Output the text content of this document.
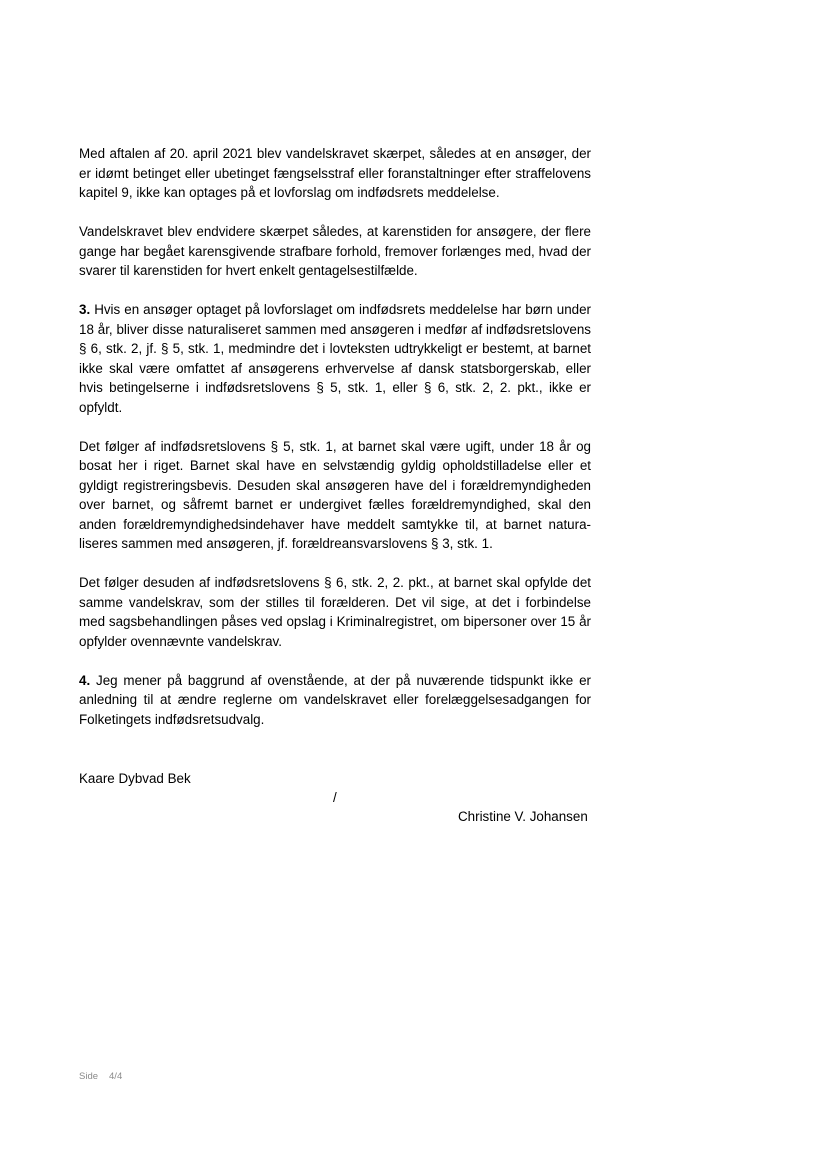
Med aftalen af 20. april 2021 blev vandelskravet skærpet, således at en ansøger, der er idømt betinget eller ubetinget fængselsstraf eller foranstaltninger efter straffelovens kapitel 9, ikke kan optages på et lovforslag om indfødsrets meddelelse.

Vandelskravet blev endvidere skærpet således, at karenstiden for ansøgere, der flere gange har begået karensgivende strafbare forhold, fremover forlænges med, hvad der svarer til karenstiden for hvert enkelt gentagelsestilfælde.

3. Hvis en ansøger optaget på lovforslaget om indfødsrets meddelelse har børn under 18 år, bliver disse naturaliseret sammen med ansøgeren i medfør af indfødsretslovens § 6, stk. 2, jf. § 5, stk. 1, medmindre det i lovteksten udtrykkeligt er bestemt, at barnet ikke skal være omfattet af ansøgerens erhvervelse af dansk statsborgerskab, eller hvis betingelserne i indfødsretslovens § 5, stk. 1, eller § 6, stk. 2, 2. pkt., ikke er opfyldt.

Det følger af indfødsretslovens § 5, stk. 1, at barnet skal være ugift, under 18 år og bosat her i riget. Barnet skal have en selvstændig gyldig opholdstilladelse eller et gyldigt registreringsbevis. Desuden skal ansøgeren have del i forældremyndigheden over barnet, og såfremt barnet er undergivet fælles forældremyndighed, skal den anden forældremyndighedsindehaver have meddelt samtykke til, at barnet naturaliseres sammen med ansøgeren, jf. forældreansvarslovens § 3, stk. 1.

Det følger desuden af indfødsretslovens § 6, stk. 2, 2. pkt., at barnet skal opfylde det samme vandelskrav, som der stilles til forælderen. Det vil sige, at det i forbindelse med sagsbehandlingen påses ved opslag i Kriminalregistret, om bipersoner over 15 år opfylder ovennævnte vandelskrav.

4. Jeg mener på baggrund af ovenstående, at der på nuværende tidspunkt ikke er anledning til at ændre reglerne om vandelskravet eller forelæggelsesadgangen for Folketingets indfødsretsudvalg.

Kaare Dybvad Bek
/
Christine V. Johansen
Side 4/4
